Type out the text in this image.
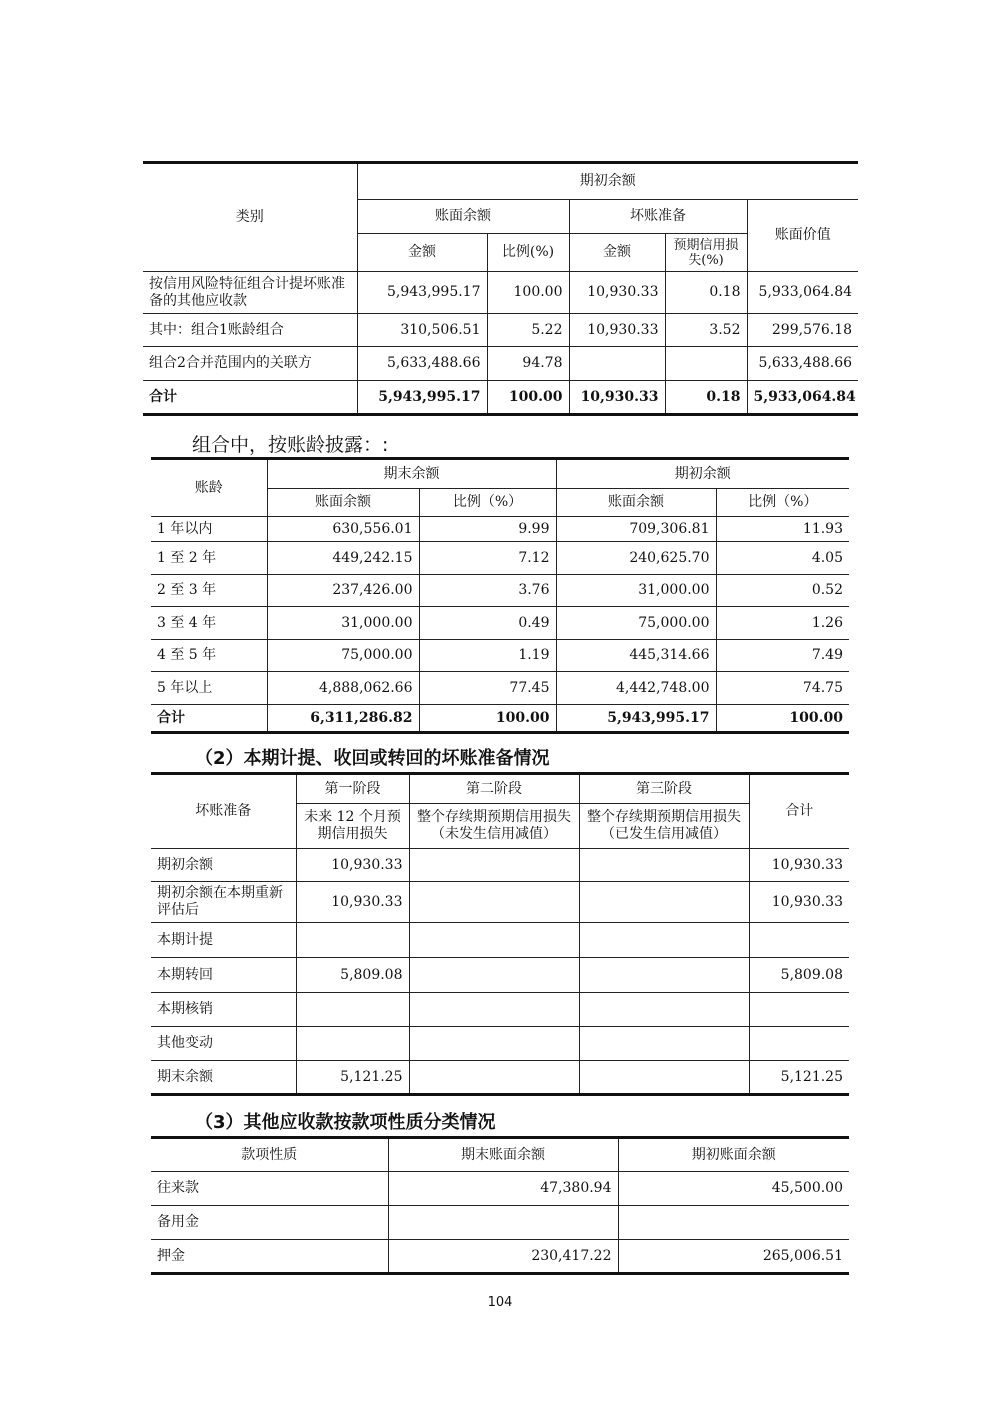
类别	期初余额				
	账面余额		坏账准备		账面价值
	金额	比例(%)	金额	预期信用损失(%)	
按信用风险特征组合计提坏账准备的其他应收款	5,943,995.17	100.00	10,930.33	0.18	5,933,064.84
其中：组合1账龄组合	310,506.51	5.22	10,930.33	3.52	299,576.18
组合2合并范围内的关联方	5,633,488.66	94.78			5,633,488.66
合计	5,943,995.17	100.00	10,930.33	0.18	5,933,064.84
组合中，按账龄披露：:
账龄	期末余额		期初余额	
	账面余额	比例（%）	账面余额	比例（%）
1 年以内	630,556.01	9.99	709,306.81	11.93
1 至 2 年	449,242.15	7.12	240,625.70	4.05
2 至 3 年	237,426.00	3.76	31,000.00	0.52
3 至 4 年	31,000.00	0.49	75,000.00	1.26
4 至 5 年	75,000.00	1.19	445,314.66	7.49
5 年以上	4,888,062.66	77.45	4,442,748.00	74.75
合计	6,311,286.82	100.00	5,943,995.17	100.00
（2）本期计提、收回或转回的坏账准备情况
坏账准备	第一阶段	第二阶段	第三阶段	合计
	未来 12 个月预期信用损失	整个存续期预期信用损失（未发生信用减值）	整个存续期预期信用损失（已发生信用减值）	
期初余额	10,930.33			10,930.33
期初余额在本期重新评估后	10,930.33			10,930.33
本期计提				
本期转回	5,809.08			5,809.08
本期核销				
其他变动				
期末余额	5,121.25			5,121.25
（3）其他应收款按款项性质分类情况
款项性质	期末账面余额	期初账面余额
往来款	47,380.94	45,500.00
备用金		
押金	230,417.22	265,006.51
104
